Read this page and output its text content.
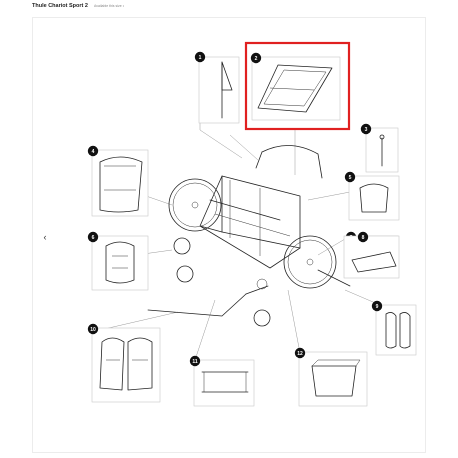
Thule Chariot Sport 2 Available this size •
‹
1	2
3
4
5
6	8
9
10
11
12
